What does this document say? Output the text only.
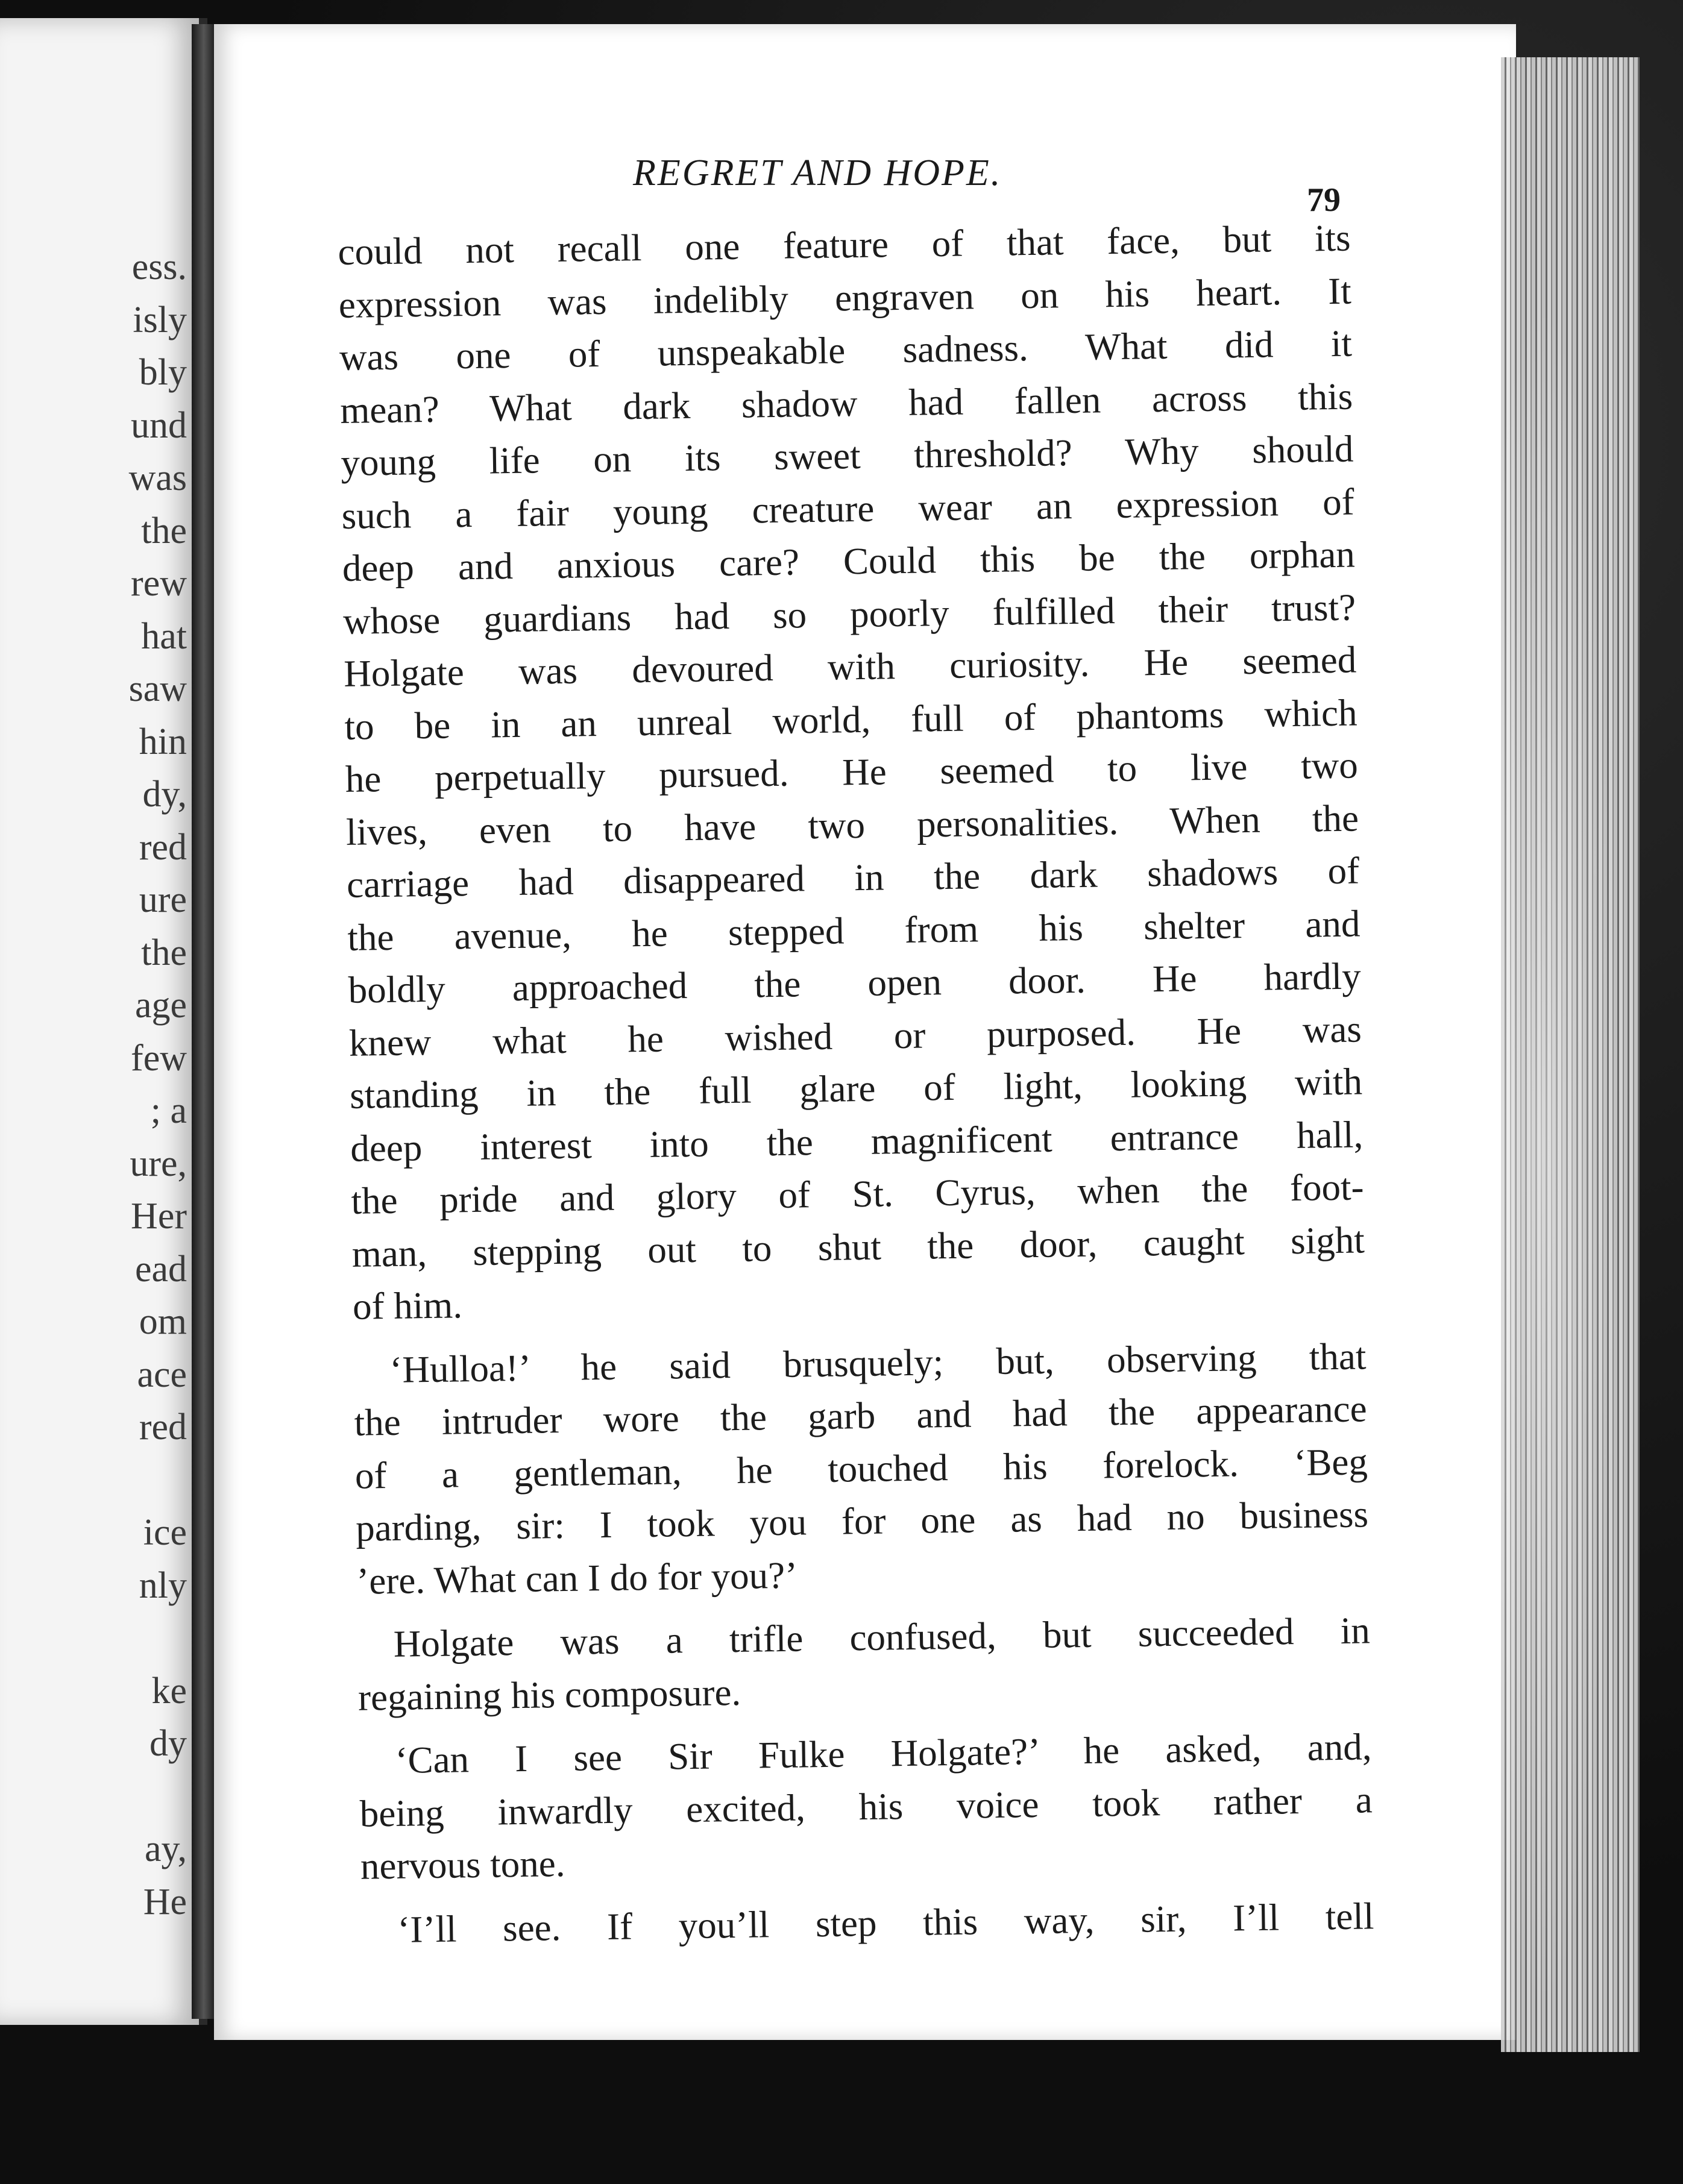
ess.
isly
bly
und
was
the
rew
hat
saw
hin
dy,
red
ure
the
age
few
; a
ure,
Her
ead
om
ace
red
ice
nly
ke
dy
ay,
He
REGRET AND HOPE.
79
could not recall one feature of that face, but its
expression was indelibly engraven on his heart. It
was one of unspeakable sadness. What did it
mean? What dark shadow had fallen across this
young life on its sweet threshold? Why should
such a fair young creature wear an expression of
deep and anxious care? Could this be the orphan
whose guardians had so poorly fulfilled their trust?
Holgate was devoured with curiosity. He seemed
to be in an unreal world, full of phantoms which
he perpetually pursued. He seemed to live two
lives, even to have two personalities. When the
carriage had disappeared in the dark shadows of
the avenue, he stepped from his shelter and
boldly approached the open door. He hardly
knew what he wished or purposed. He was
standing in the full glare of light, looking with
deep interest into the magnificent entrance hall,
the pride and glory of St. Cyrus, when the foot-
man, stepping out to shut the door, caught sight
of him.
‘Hulloa!’ he said brusquely; but, observing that
the intruder wore the garb and had the appearance
of a gentleman, he touched his forelock. ‘Beg
parding, sir: I took you for one as had no business
’ere. What can I do for you?’
Holgate was a trifle confused, but succeeded in
regaining his composure.
‘Can I see Sir Fulke Holgate?’ he asked, and,
being inwardly excited, his voice took rather a
nervous tone.
‘I’ll see. If you’ll step this way, sir, I’ll tell
